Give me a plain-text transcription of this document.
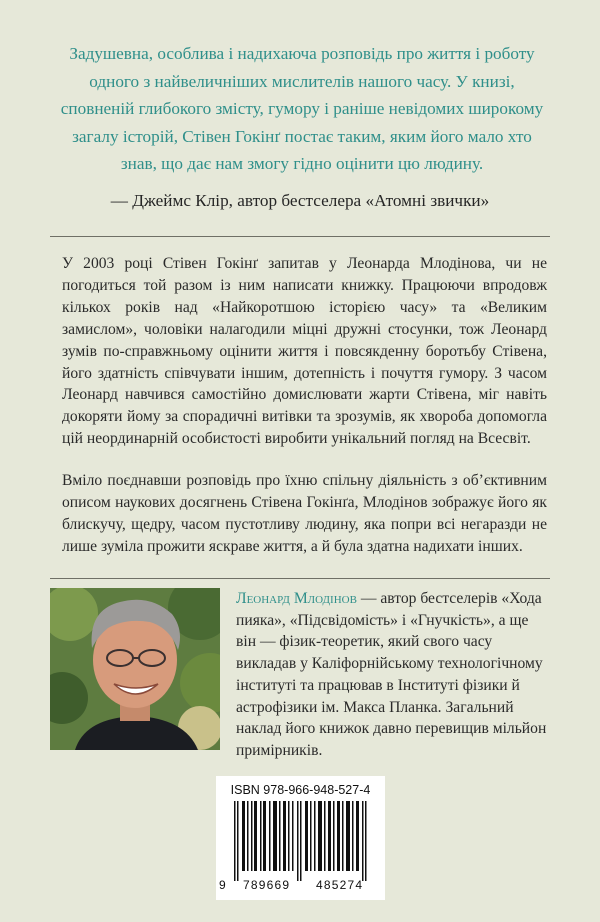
Задушевна, особлива і надихаюча розповідь про життя і роботу одного з найвеличніших мислителів нашого часу. У книзі, сповненій глибокого змісту, гумору і раніше невідомих широкому загалу історій, Стівен Гокінґ постає таким, яким його мало хто знав, що дає нам змогу гідно оцінити цю людину.

— Джеймс Клір, автор бестселера «Атомні звички»

У 2003 році Стівен Гокінґ запитав у Леонарда Млодінова, чи не погодиться той разом із ним написати книжку. Працюючи впродовж кількох років над «Найкоротшою історією часу» та «Великим замислом», чоловіки налагодили міцні дружні стосунки, тож Леонард зумів по-справжньому оцінити життя і повсякденну боротьбу Стівена, його здатність співчувати іншим, дотепність і почуття гумору. З часом Леонард навчився самостійно домислювати жарти Стівена, міг навіть докоряти йому за спорадичні витівки та зрозумів, як хвороба допомогла цій неординарній особистості виробити унікальний погляд на Всесвіт.

Вміло поєднавши розповідь про їхню спільну діяльність з об’єктивним описом наукових досягнень Стівена Гокінґа, Млодінов зображує його як блискучу, щедру, часом пустотливу людину, яка попри всі негаразди не лише зуміла прожити яскраве життя, а й була здатна надихати інших.

Леонард Млодінов — автор бестселерів «Хода пияка», «Підсвідомість» і «Гнучкість», а ще він — фізик-теоретик, який свого часу викладав у Каліфорнійському технологічному інституті та працював в Інституті фізики й астрофізики ім. Макса Планка. Загальний наклад його книжок давно перевищив мільйон примірників.

ISBN 978-966-948-527-4
9 789669 485274
